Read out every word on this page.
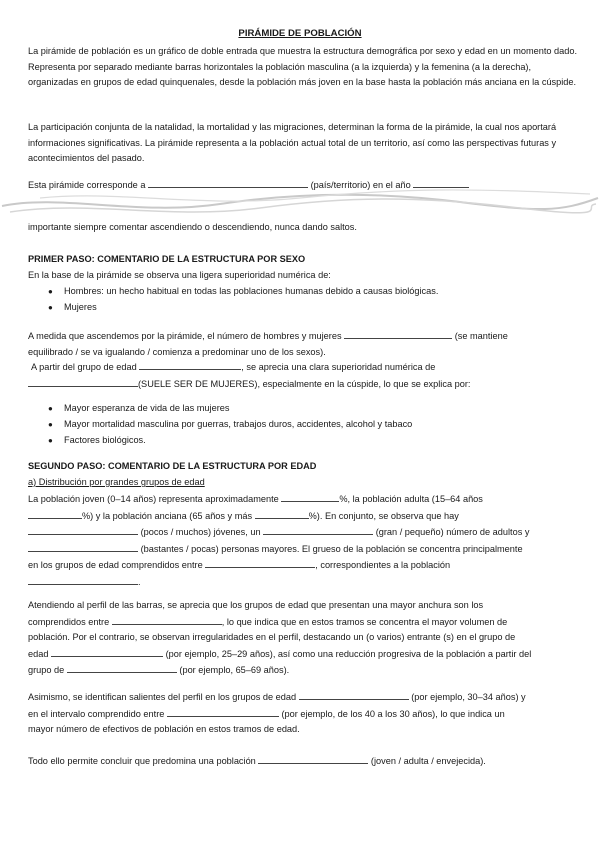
PIRÁMIDE DE POBLACIÓN

La pirámide de población es un gráfico de doble entrada que muestra la estructura demográfica por sexo y edad en un momento dado. Representa por separado mediante barras horizontales la población masculina (a la izquierda) y la femenina (a la derecha), organizadas en grupos de edad quinquenales, desde la población más joven en la base hasta la población más anciana en la cúspide.

La participación conjunta de la natalidad, la mortalidad y las migraciones, determinan la forma de la pirámide, la cual nos aportará informaciones significativas. La pirámide representa a la población actual total de un territorio, así como las perspectivas futuras y acontecimientos del pasado.

Esta pirámide corresponde a	(país/territorio) en el año

importante siempre comentar ascendiendo o descendiendo, nunca dando saltos.

PRIMER PASO: COMENTARIO DE LA ESTRUCTURA POR SEXO
En la base de la pirámide se observa una ligera superioridad numérica de:
● Hombres: un hecho habitual en todas las poblaciones humanas debido a causas biológicas.
● Mujeres
A medida que ascendemos por la pirámide, el número de hombres y mujeres	(se mantiene
equilibrado / se va igualando / comienza a predominar uno de los sexos).
A partir del grupo de edad	, se aprecia una clara superioridad numérica de
(SUELE SER DE MUJERES), especialmente en la cúspide, lo que se explica por:
● Mayor esperanza de vida de las mujeres
● Mayor mortalidad masculina por guerras, trabajos duros, accidentes, alcohol y tabaco
● Factores biológicos.
SEGUNDO PASO: COMENTARIO DE LA ESTRUCTURA POR EDAD
a) Distribución por grandes grupos de edad
La población joven (0–14 años) representa aproximadamente	%, la población adulta (15–64 años
%) y la población anciana (65 años y más	%). En conjunto, se observa que hay
(pocos / muchos) jóvenes, un	(gran / pequeño) número de adultos y
(bastantes / pocas) personas mayores. El grueso de la población se concentra principalmente
en los grupos de edad comprendidos entre	, correspondientes a la población
.
Atendiendo al perfil de las barras, se aprecia que los grupos de edad que presentan una mayor anchura son los
comprendidos entre	, lo que indica que en estos tramos se concentra el mayor volumen de
población. Por el contrario, se observan irregularidades en el perfil, destacando un (o varios) entrante (s) en el grupo de
edad	(por ejemplo, 25–29 años), así como una reducción progresiva de la población a partir del
grupo de	(por ejemplo, 65–69 años).
Asimismo, se identifican salientes del perfil en los grupos de edad	(por ejemplo, 30–34 años) y
en el intervalo comprendido entre	(por ejemplo, de los 40 a los 30 años), lo que indica un
mayor número de efectivos de población en estos tramos de edad.
Todo ello permite concluir que predomina una población	(joven / adulta / envejecida).
